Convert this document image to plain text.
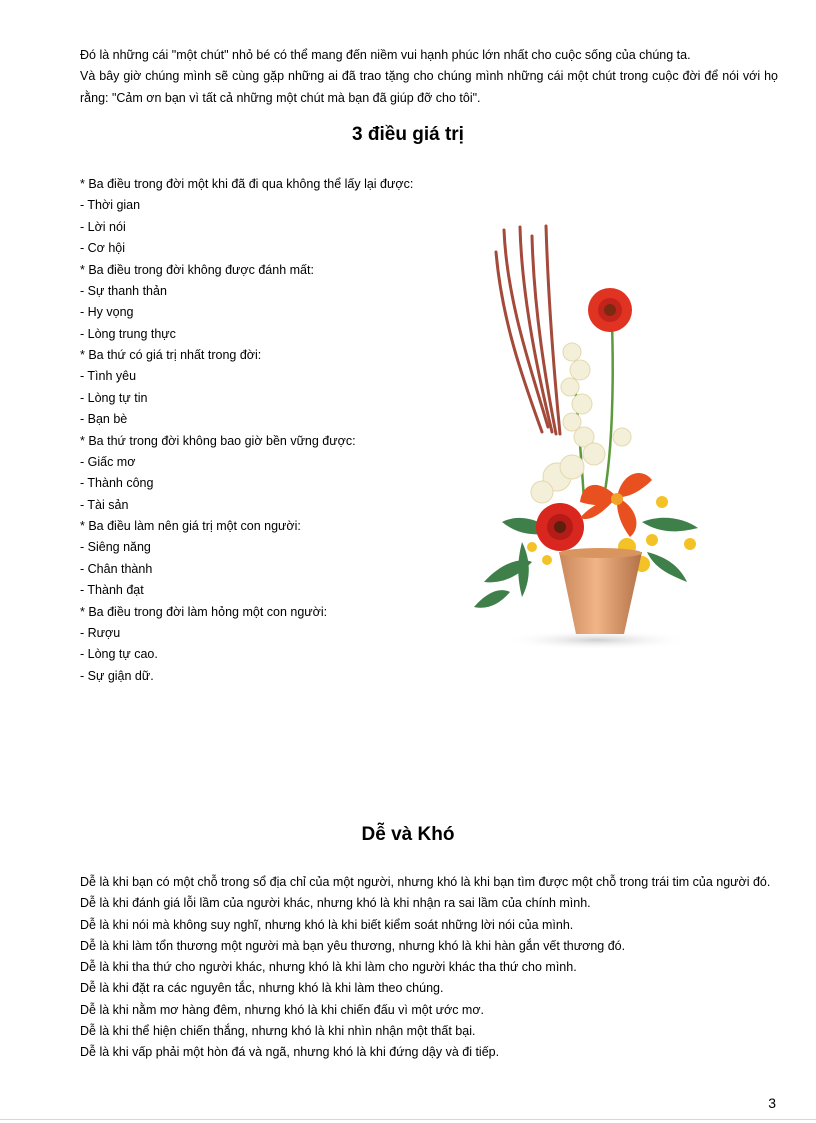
Đó là những cái "một chút" nhỏ bé có thể mang đến niềm vui hạnh phúc lớn nhất cho cuộc sống của chúng ta.

Và bây giờ chúng mình sẽ cùng gặp những ai đã trao tặng cho chúng mình những cái một chút trong cuộc đời để nói với họ rằng: "Cảm ơn bạn vì tất cả những một chút mà bạn đã giúp đỡ cho tôi".

3 điều giá trị
* Ba điều trong đời một khi đã đi qua không thể lấy lại được:
- Thời gian
- Lời nói
- Cơ hội
* Ba điều trong đời không được đánh mất:
- Sự thanh thản
- Hy vọng
- Lòng trung thực
* Ba thứ có giá trị nhất trong đời:
- Tình yêu
- Lòng tự tin
- Bạn bè
* Ba thứ trong đời không bao giờ bền vững được:
- Giấc mơ
- Thành công
- Tài sản
* Ba điều làm nên giá trị một con người:
- Siêng năng
- Chân thành
- Thành đạt
* Ba điều trong đời làm hỏng một con người:
- Rượu
- Lòng tự cao.
- Sự giận dữ.
Dễ và Khó
Dễ là khi bạn có một chỗ trong sổ địa chỉ của một người, nhưng khó là khi bạn tìm được một chỗ trong trái tim của người đó.
Dễ là khi đánh giá lỗi lầm của người khác, nhưng khó là khi nhận ra sai lầm của chính mình.
Dễ là khi nói mà không suy nghĩ, nhưng khó là khi biết kiểm soát những lời nói của mình.
Dễ là khi làm tổn thương một người mà bạn yêu thương, nhưng khó là khi hàn gắn vết thương đó.
Dễ là khi tha thứ cho người khác, nhưng khó là khi làm cho người khác tha thứ cho mình.
Dễ là khi đặt ra các nguyên tắc, nhưng khó là khi làm theo chúng.
Dễ là khi nằm mơ hàng đêm, nhưng khó là khi chiến đấu vì một ước mơ.
Dễ là khi thể hiện chiến thắng, nhưng khó là khi nhìn nhận một thất bại.
Dễ là khi vấp phải một hòn đá và ngã, nhưng khó là khi đứng dậy và đi tiếp.
3
